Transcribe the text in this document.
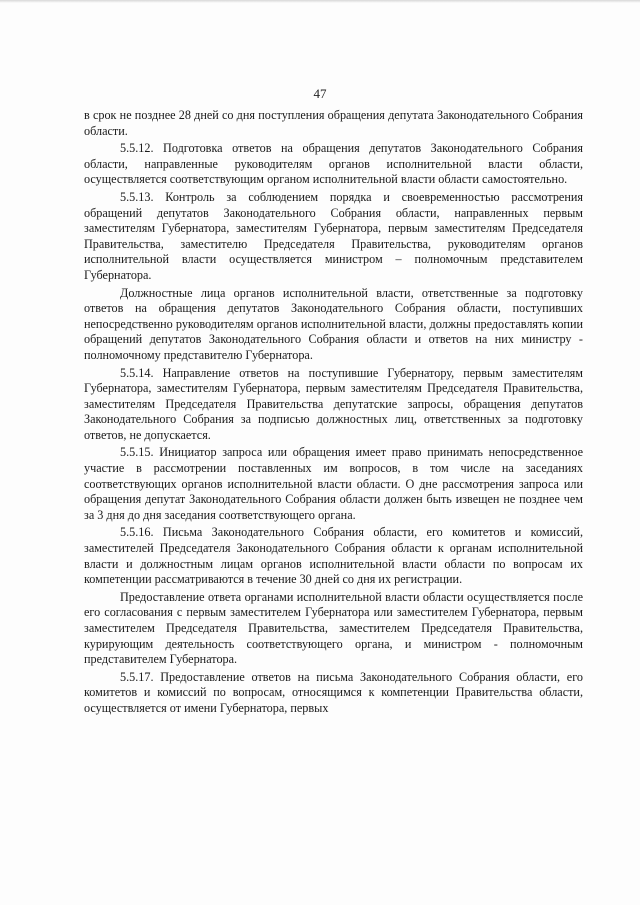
47

в срок не позднее 28 дней со дня поступления обращения депутата Законодательного Собрания области.

5.5.12. Подготовка ответов на обращения депутатов Законодательного Собрания области, направленные руководителям органов исполнительной власти области, осуществляется соответствующим органом исполнительной власти области самостоятельно.

5.5.13. Контроль за соблюдением порядка и своевременностью рассмотрения обращений депутатов Законодательного Собрания области, направленных первым заместителям Губернатора, заместителям Губернатора, первым заместителям Председателя Правительства, заместителю Председателя Правительства, руководителям органов исполнительной власти осуществляется министром – полномочным представителем Губернатора.

Должностные лица органов исполнительной власти, ответственные за подготовку ответов на обращения депутатов Законодательного Собрания области, поступивших непосредственно руководителям органов исполнительной власти, должны предоставлять копии обращений депутатов Законодательного Собрания области и ответов на них министру - полномочному представителю Губернатора.

5.5.14. Направление ответов на поступившие Губернатору, первым заместителям Губернатора, заместителям Губернатора, первым заместителям Председателя Правительства, заместителям Председателя Правительства депутатские запросы, обращения депутатов Законодательного Собрания за подписью должностных лиц, ответственных за подготовку ответов, не допускается.

5.5.15. Инициатор запроса или обращения имеет право принимать непосредственное участие в рассмотрении поставленных им вопросов, в том числе на заседаниях соответствующих органов исполнительной власти области. О дне рассмотрения запроса или обращения депутат Законодательного Собрания области должен быть извещен не позднее чем за 3 дня до дня заседания соответствующего органа.

5.5.16. Письма Законодательного Собрания области, его комитетов и комиссий, заместителей Председателя Законодательного Собрания области к органам исполнительной власти и должностным лицам органов исполнительной власти области по вопросам их компетенции рассматриваются в течение 30 дней со дня их регистрации.

Предоставление ответа органами исполнительной власти области осуществляется после его согласования с первым заместителем Губернатора или заместителем Губернатора, первым заместителем Председателя Правительства, заместителем Председателя Правительства, курирующим деятельность соответствующего органа, и министром - полномочным представителем Губернатора.

5.5.17. Предоставление ответов на письма Законодательного Собрания области, его комитетов и комиссий по вопросам, относящимся к компетенции Правительства области, осуществляется от имени Губернатора, первых
